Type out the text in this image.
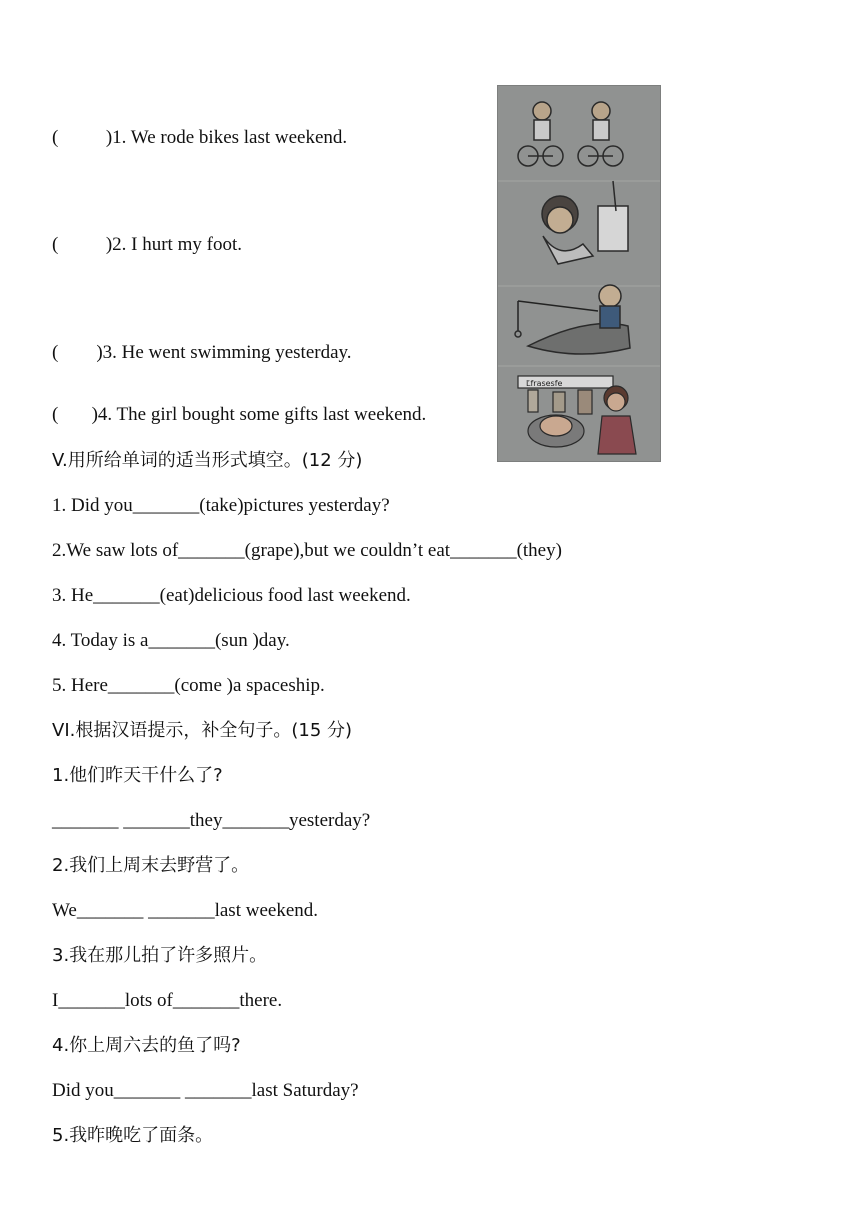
(          )1. We rode bikes last weekend.
(          )2. I hurt my foot.
(        )3. He went swimming yesterday.
(       )4. The girl bought some gifts last weekend.
Ľfrasesfe
V.用所给单词的适当形式填空。(12 分)
1. Did you_______(take)pictures yesterday?
2.We saw lots of_______(grape),but we couldn’t eat_______(they)
3. He_______(eat)delicious food last weekend.
4. Today is a_______(sun )day.
5. Here_______(come )a spaceship.
VI.根据汉语提示，补全句子。(15 分)
1.他们昨天干什么了?
_______ _______they_______yesterday?
2.我们上周末去野营了。
We_______ _______last weekend.
3.我在那儿拍了许多照片。
I_______lots of_______there.
4.你上周六去的鱼了吗?
Did you_______ _______last Saturday?
5.我昨晚吃了面条。
